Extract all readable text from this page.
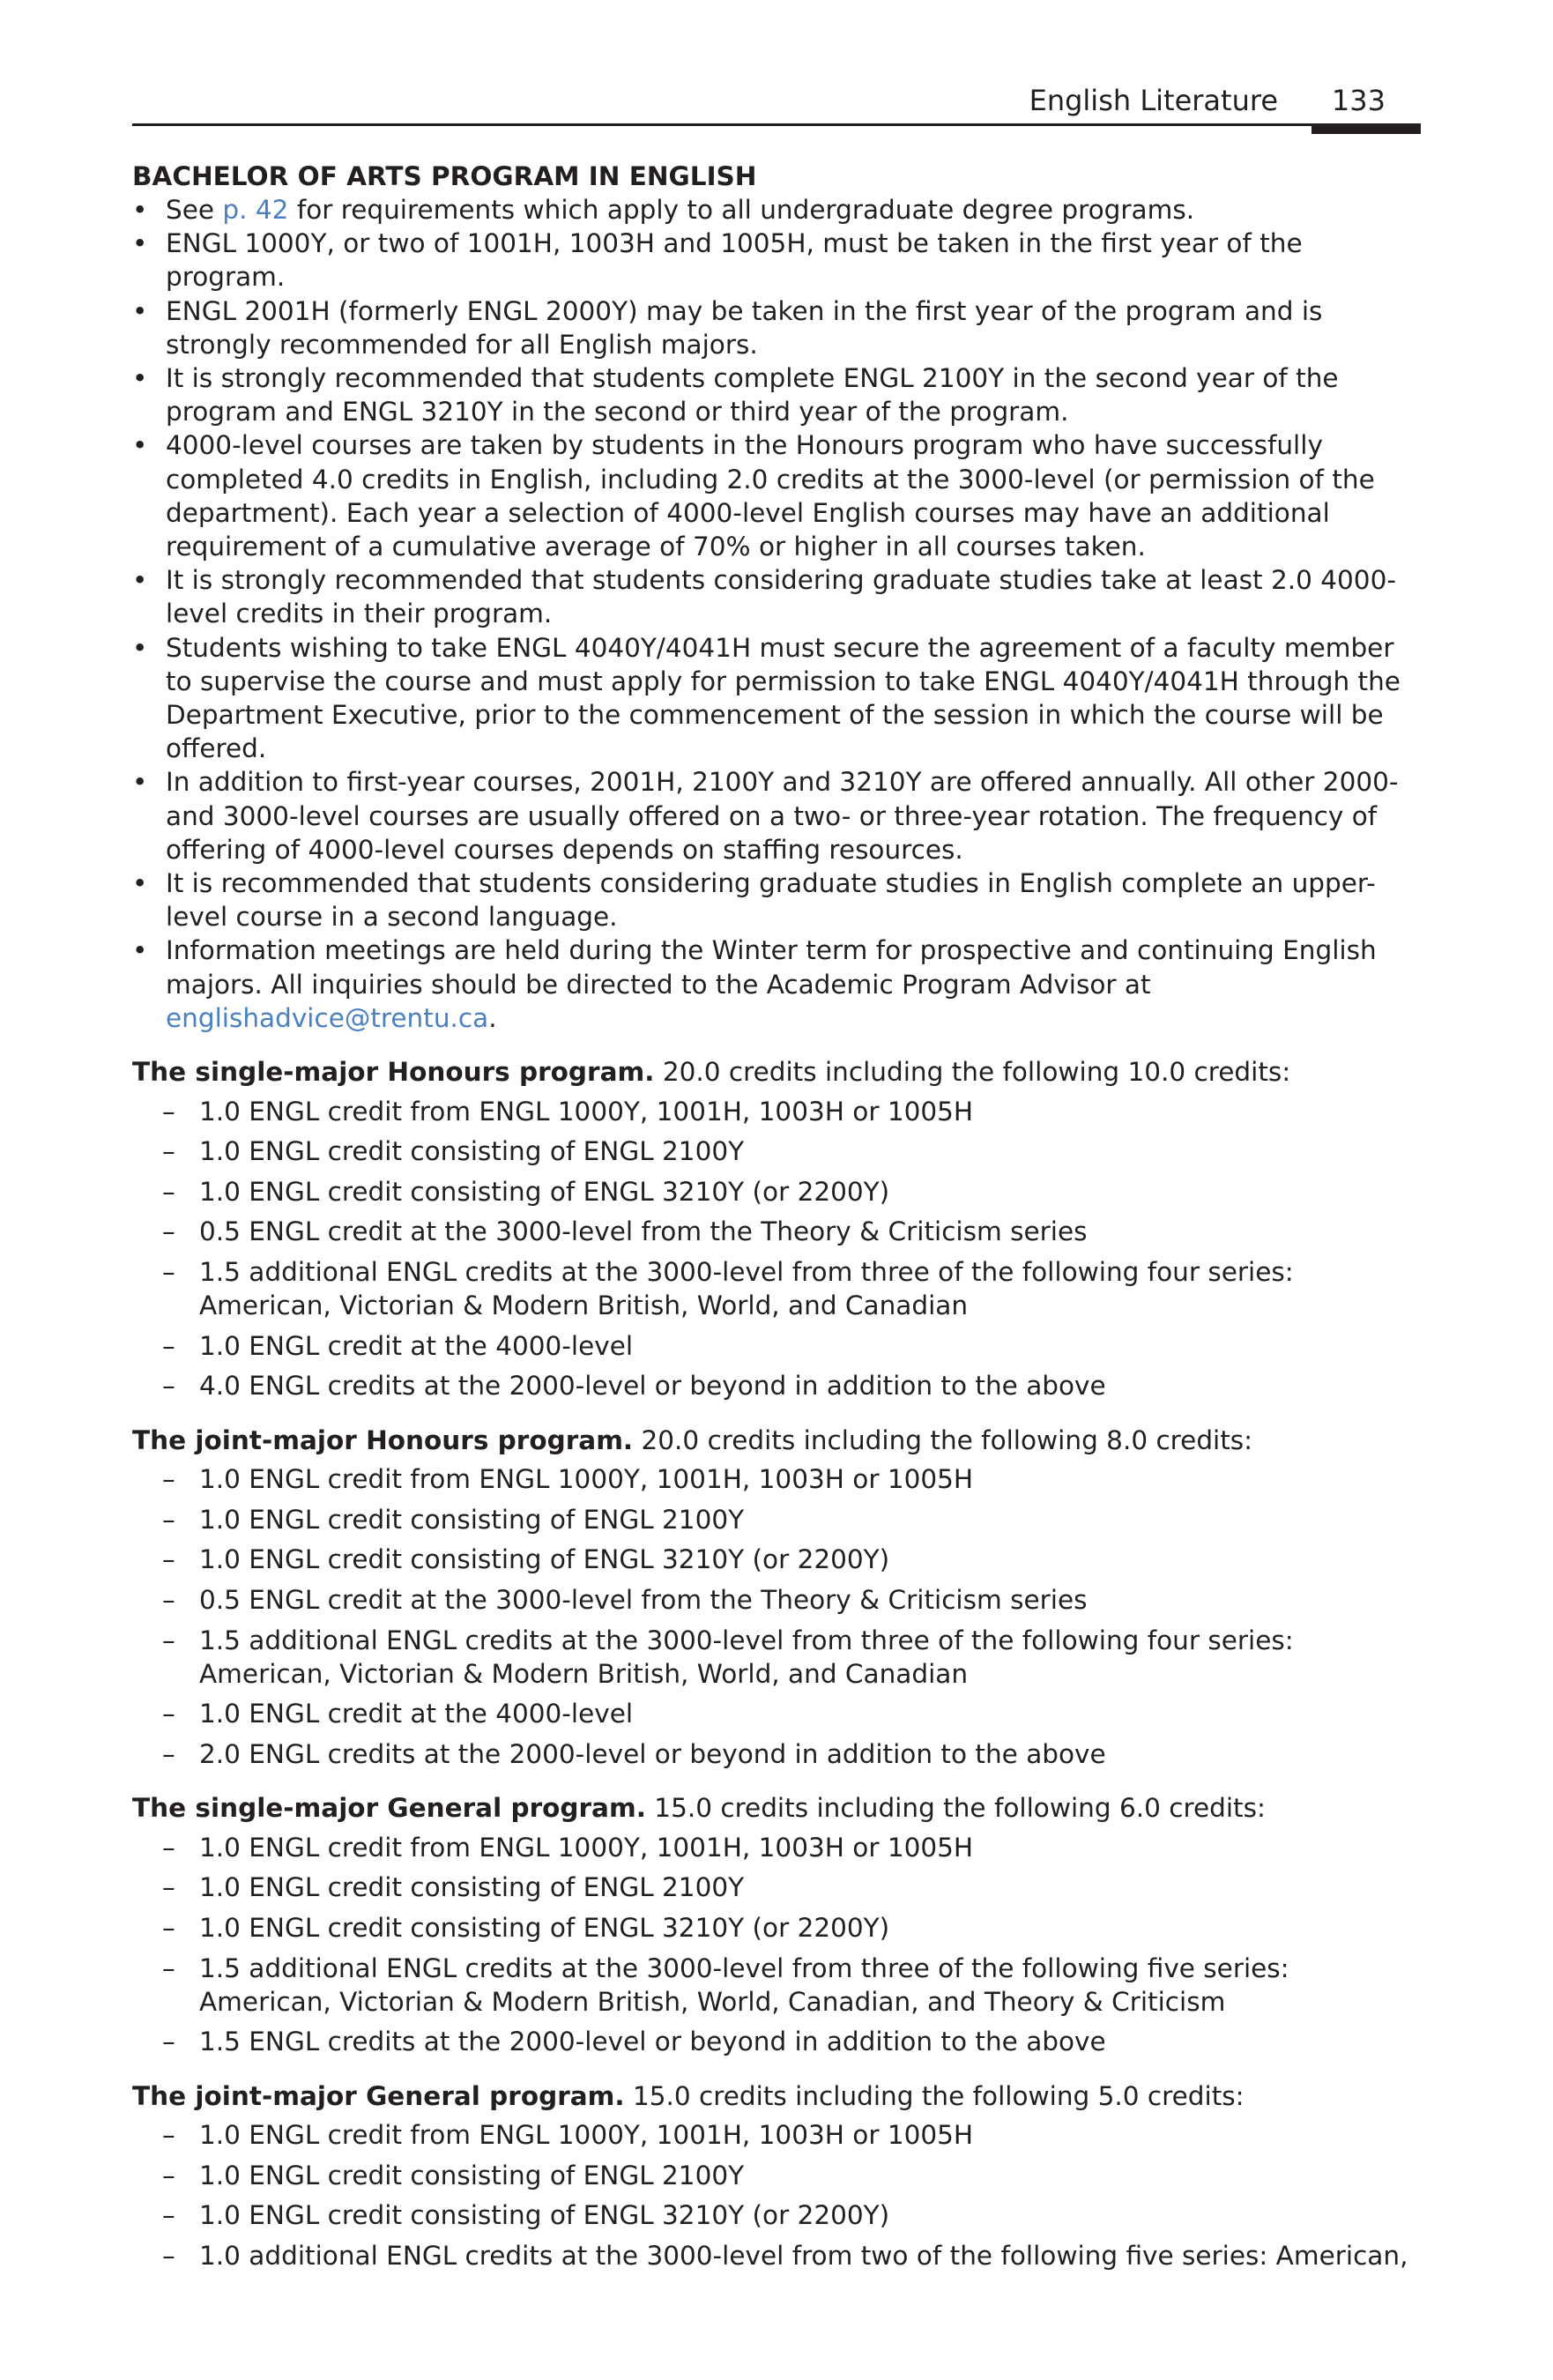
English Literature 133

BACHELOR OF ARTS PROGRAM IN ENGLISH

• See p. 42 for requirements which apply to all undergraduate degree programs.
• ENGL 1000Y, or two of 1001H, 1003H and 1005H, must be taken in the first year of the program.
• ENGL 2001H (formerly ENGL 2000Y) may be taken in the first year of the program and is strongly recommended for all English majors.
• It is strongly recommended that students complete ENGL 2100Y in the second year of the program and ENGL 3210Y in the second or third year of the program.
• 4000-level courses are taken by students in the Honours program who have successfully completed 4.0 credits in English, including 2.0 credits at the 3000-level (or permission of the department). Each year a selection of 4000-level English courses may have an additional requirement of a cumulative average of 70% or higher in all courses taken.
• It is strongly recommended that students considering graduate studies take at least 2.0 4000-level credits in their program.
• Students wishing to take ENGL 4040Y/4041H must secure the agreement of a faculty member to supervise the course and must apply for permission to take ENGL 4040Y/4041H through the Department Executive, prior to the commencement of the session in which the course will be offered.
• In addition to first-year courses, 2001H, 2100Y and 3210Y are offered annually. All other 2000- and 3000-level courses are usually offered on a two- or three-year rotation. The frequency of offering of 4000-level courses depends on staffing resources.
• It is recommended that students considering graduate studies in English complete an upper-level course in a second language.
• Information meetings are held during the Winter term for prospective and continuing English majors. All inquiries should be directed to the Academic Program Advisor at englishadvice@trentu.ca.

The single-major Honours program. 20.0 credits including the following 10.0 credits:

– 1.0 ENGL credit from ENGL 1000Y, 1001H, 1003H or 1005H
– 1.0 ENGL credit consisting of ENGL 2100Y
– 1.0 ENGL credit consisting of ENGL 3210Y (or 2200Y)
– 0.5 ENGL credit at the 3000-level from the Theory & Criticism series
– 1.5 additional ENGL credits at the 3000-level from three of the following four series: American, Victorian & Modern British, World, and Canadian
– 1.0 ENGL credit at the 4000-level
– 4.0 ENGL credits at the 2000-level or beyond in addition to the above

The joint-major Honours program. 20.0 credits including the following 8.0 credits:

– 1.0 ENGL credit from ENGL 1000Y, 1001H, 1003H or 1005H
– 1.0 ENGL credit consisting of ENGL 2100Y
– 1.0 ENGL credit consisting of ENGL 3210Y (or 2200Y)
– 0.5 ENGL credit at the 3000-level from the Theory & Criticism series
– 1.5 additional ENGL credits at the 3000-level from three of the following four series: American, Victorian & Modern British, World, and Canadian
– 1.0 ENGL credit at the 4000-level
– 2.0 ENGL credits at the 2000-level or beyond in addition to the above

The single-major General program. 15.0 credits including the following 6.0 credits:

– 1.0 ENGL credit from ENGL 1000Y, 1001H, 1003H or 1005H
– 1.0 ENGL credit consisting of ENGL 2100Y
– 1.0 ENGL credit consisting of ENGL 3210Y (or 2200Y)
– 1.5 additional ENGL credits at the 3000-level from three of the following five series: American, Victorian & Modern British, World, Canadian, and Theory & Criticism
– 1.5 ENGL credits at the 2000-level or beyond in addition to the above

The joint-major General program. 15.0 credits including the following 5.0 credits:

– 1.0 ENGL credit from ENGL 1000Y, 1001H, 1003H or 1005H
– 1.0 ENGL credit consisting of ENGL 2100Y
– 1.0 ENGL credit consisting of ENGL 3210Y (or 2200Y)
– 1.0 additional ENGL credits at the 3000-level from two of the following five series: American,
